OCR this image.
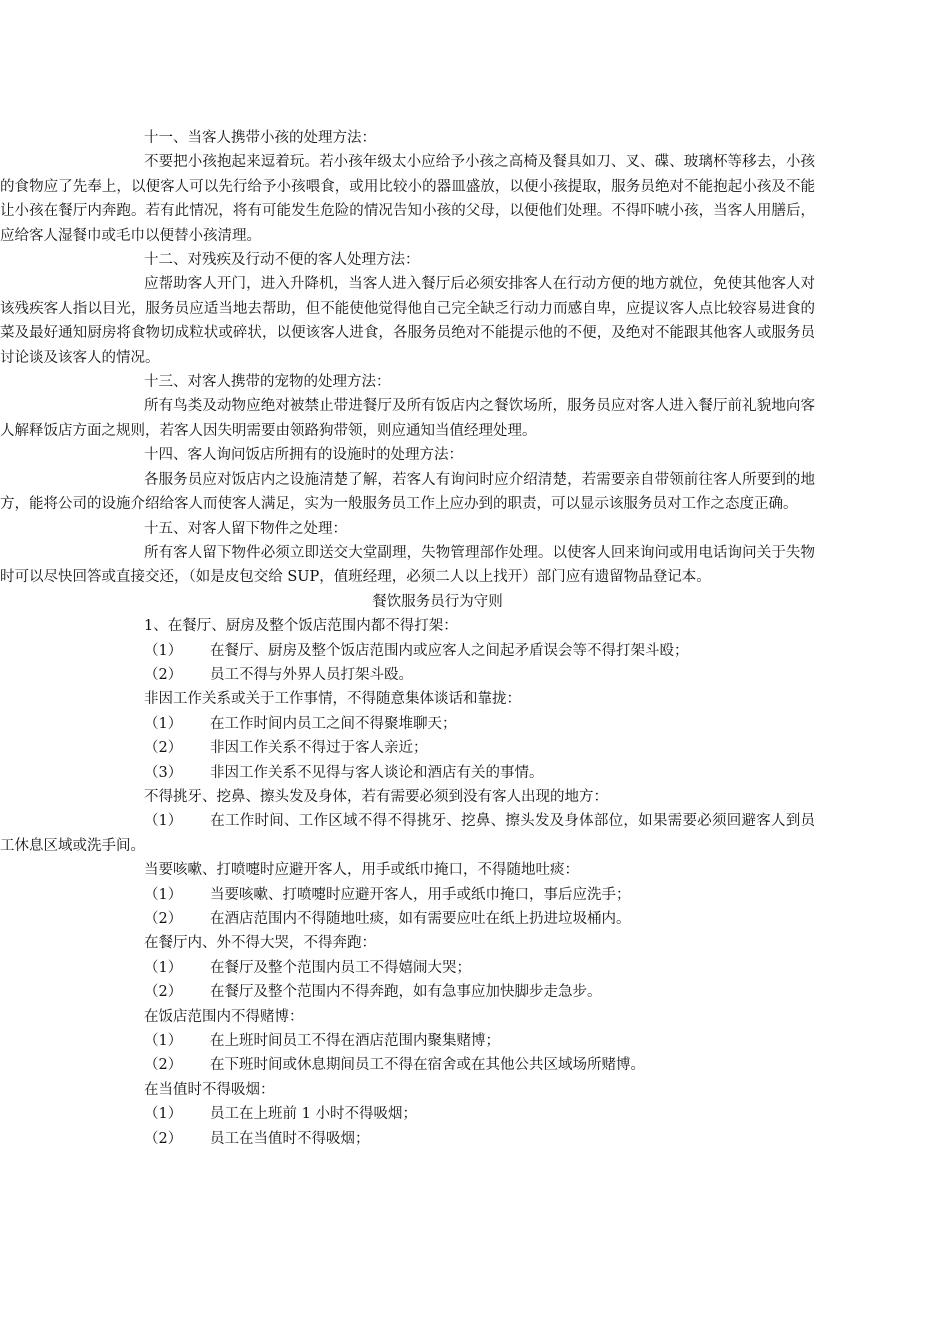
十一、当客人携带小孩的处理方法：

不要把小孩抱起来逗着玩。若小孩年级太小应给予小孩之高椅及餐具如刀、叉、碟、玻璃杯等移去，小孩的食物应了先奉上，以便客人可以先行给予小孩喂食，或用比较小的器皿盛放，以便小孩提取，服务员绝对不能抱起小孩及不能让小孩在餐厅内奔跑。若有此情况，将有可能发生危险的情况告知小孩的父母，以便他们处理。不得吓唬小孩，当客人用膳后，应给客人湿餐巾或毛巾以便替小孩清理。

十二、对残疾及行动不便的客人处理方法：

应帮助客人开门，进入升降机，当客人进入餐厅后必须安排客人在行动方便的地方就位，免使其他客人对该残疾客人指以目光，服务员应适当地去帮助，但不能使他觉得他自己完全缺乏行动力而感自卑，应提议客人点比较容易进食的菜及最好通知厨房将食物切成粒状或碎状，以便该客人进食，各服务员绝对不能提示他的不便，及绝对不能跟其他客人或服务员讨论谈及该客人的情况。

十三、对客人携带的宠物的处理方法：

所有鸟类及动物应绝对被禁止带进餐厅及所有饭店内之餐饮场所，服务员应对客人进入餐厅前礼貌地向客人解释饭店方面之规则，若客人因失明需要由领路狗带领，则应通知当值经理处理。

十四、客人询问饭店所拥有的设施时的处理方法：

各服务员应对饭店内之设施清楚了解，若客人有询问时应介绍清楚，若需要亲自带领前往客人所要到的地方，能将公司的设施介绍给客人而使客人满足，实为一般服务员工作上应办到的职责，可以显示该服务员对工作之态度正确。

十五、对客人留下物件之处理：

所有客人留下物件必须立即送交大堂副理，失物管理部作处理。以使客人回来询问或用电话询问关于失物时可以尽快回答或直接交还，（如是皮包交给 SUP，值班经理，必须二人以上找开）部门应有遗留物品登记本。

餐饮服务员行为守则

1、在餐厅、厨房及整个饭店范围内都不得打架：

（1） 在餐厅、厨房及整个饭店范围内或应客人之间起矛盾误会等不得打架斗殴；

（2） 员工不得与外界人员打架斗殴。

非因工作关系或关于工作事情，不得随意集体谈话和靠拢：

（1） 在工作时间内员工之间不得聚堆聊天；

（2） 非因工作关系不得过于客人亲近；

（3） 非因工作关系不见得与客人谈论和酒店有关的事情。

不得挑牙、挖鼻、擦头发及身体，若有需要必须到没有客人出现的地方：

（1） 在工作时间、工作区域不得不得挑牙、挖鼻、擦头发及身体部位，如果需要必须回避客人到员工休息区域或洗手间。

当要咳嗽、打喷嚏时应避开客人，用手或纸巾掩口，不得随地吐痰：

（1） 当要咳嗽、打喷嚏时应避开客人，用手或纸巾掩口，事后应洗手；

（2） 在酒店范围内不得随地吐痰，如有需要应吐在纸上扔进垃圾桶内。

在餐厅内、外不得大哭，不得奔跑：

（1） 在餐厅及整个范围内员工不得嬉闹大哭；

（2） 在餐厅及整个范围内不得奔跑，如有急事应加快脚步走急步。

在饭店范围内不得赌博：

（1） 在上班时间员工不得在酒店范围内聚集赌博；

（2） 在下班时间或休息期间员工不得在宿舍或在其他公共区域场所赌博。

在当值时不得吸烟：

（1） 员工在上班前 1 小时不得吸烟；

（2） 员工在当值时不得吸烟；
